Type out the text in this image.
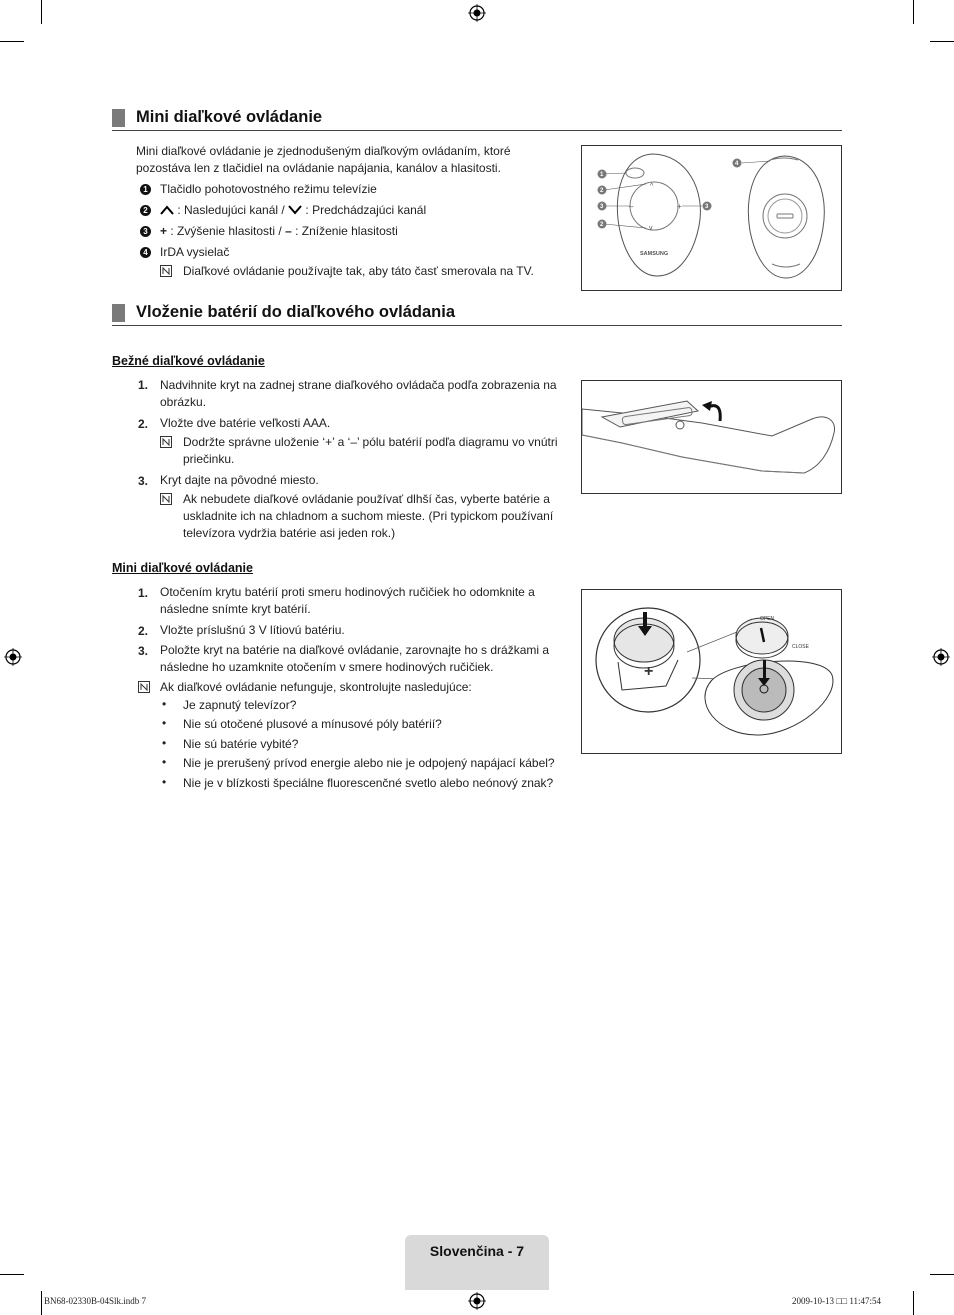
Mini diaľkové ovládanie
Mini diaľkové ovládanie je zjednodušeným diaľkovým ovládaním, ktoré pozostáva len z tlačidiel na ovládanie napájania, kanálov a hlasitosti.
1 Tlačidlo pohotovostného režimu televízie
2	: Nasledujúci kanál /  : Predchádzajúci kanál
3 + : Zvýšenie hlasitosti / – : Zníženie hlasitosti
4 IrDA vysielač
Diaľkové ovládanie používajte tak, aby táto časť smerovala na TV.
^
v
+
–
SAMSUNG
1
2
3
2
3
4
Vloženie batérií do diaľkového ovládania
Bežné diaľkové ovládanie
1. Nadvihnite kryt na zadnej strane diaľkového ovládača podľa zobrazenia na obrázku.
2. Vložte dve batérie veľkosti AAA.
Dodržte správne uloženie ‘+’ a ‘–’ pólu batérií podľa diagramu vo vnútri priečinku.
3. Kryt dajte na pôvodné miesto.
Ak nebudete diaľkové ovládanie používať dlhší čas, vyberte batérie a uskladnite ich na chladnom a suchom mieste. (Pri typickom používaní televízora vydržia batérie asi jeden rok.)
Mini diaľkové ovládanie
1. Otočením krytu batérií proti smeru hodinových ručičiek ho odomknite a následne snímte kryt batérií.
2. Vložte príslušnú 3 V lítiovú batériu.
3. Položte kryt na batérie na diaľkové ovládanie, zarovnajte ho s drážkami a následne ho uzamknite otočením v smere hodinových ručičiek.
Ak diaľkové ovládanie nefunguje, skontrolujte nasledujúce:
• Je zapnutý televízor?
• Nie sú otočené plusové a mínusové póly batérií?
• Nie sú batérie vybité?
• Nie je prerušený prívod energie alebo nie je odpojený napájací kábel?
• Nie je v blízkosti špeciálne fluorescenčné svetlo alebo neónový znak?
+
OPEN
CLOSE
Slovenčina - 7
BN68-02330B-04Slk.indb 7	2009-10-13 □□ 11:47:54
